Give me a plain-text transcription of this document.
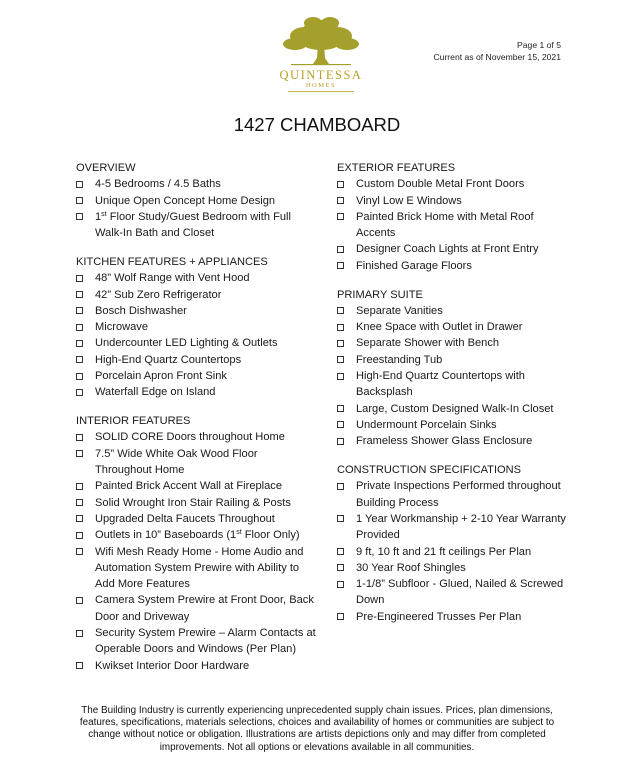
QUINTESSA
HOMES
Page 1 of 5
Current as of November 15, 2021
1427 CHAMBOARD
OVERVIEW
4-5 Bedrooms / 4.5 Baths
Unique Open Concept Home Design
1st Floor Study/Guest Bedroom with Full Walk-In Bath and Closet
KITCHEN FEATURES + APPLIANCES
48” Wolf Range with Vent Hood
42” Sub Zero Refrigerator
Bosch Dishwasher
Microwave
Undercounter LED Lighting & Outlets
High-End Quartz Countertops
Porcelain Apron Front Sink
Waterfall Edge on Island
INTERIOR FEATURES
SOLID CORE Doors throughout Home
7.5” Wide White Oak Wood Floor Throughout Home
Painted Brick Accent Wall at Fireplace
Solid Wrought Iron Stair Railing & Posts
Upgraded Delta Faucets Throughout
Outlets in 10” Baseboards (1st Floor Only)
Wifi Mesh Ready Home - Home Audio and Automation System Prewire with Ability to Add More Features
Camera System Prewire at Front Door, Back Door and Driveway
Security System Prewire – Alarm Contacts at Operable Doors and Windows (Per Plan)
Kwikset Interior Door Hardware
EXTERIOR FEATURES
Custom Double Metal Front Doors
Vinyl Low E Windows
Painted Brick Home with Metal Roof Accents
Designer Coach Lights at Front Entry
Finished Garage Floors
PRIMARY SUITE
Separate Vanities
Knee Space with Outlet in Drawer
Separate Shower with Bench
Freestanding Tub
High-End Quartz Countertops with Backsplash
Large, Custom Designed Walk-In Closet
Undermount Porcelain Sinks
Frameless Shower Glass Enclosure
CONSTRUCTION SPECIFICATIONS
Private Inspections Performed throughout Building Process
1 Year Workmanship + 2-10 Year Warranty Provided
9 ft, 10 ft and 21 ft ceilings Per Plan
30 Year Roof Shingles
1-1/8” Subfloor - Glued, Nailed & Screwed Down
Pre-Engineered Trusses Per Plan
The Building Industry is currently experiencing unprecedented supply chain issues. Prices, plan dimensions, features, specifications, materials selections, choices and availability of homes or communities are subject to change without notice or obligation. Illustrations are artists depictions only and may differ from completed improvements. Not all options or elevations available in all communities.
